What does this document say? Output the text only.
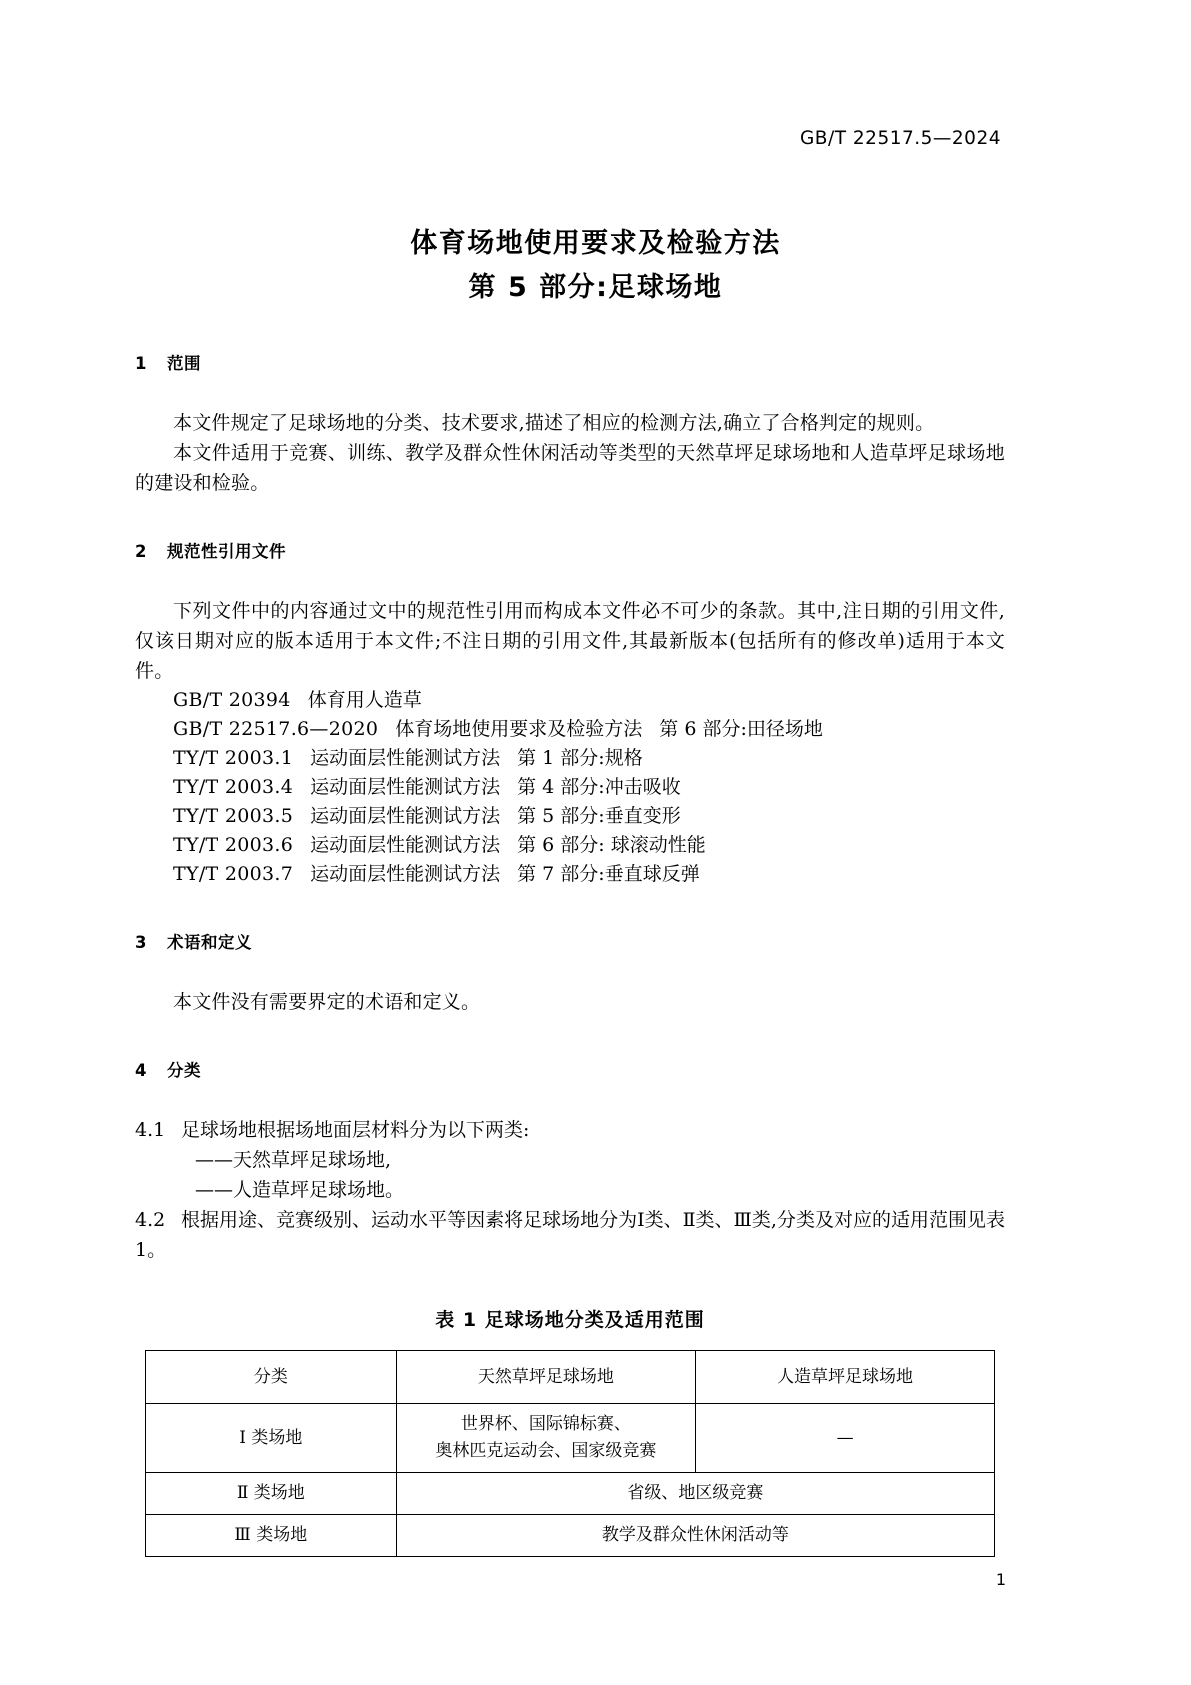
GB/T 22517.5—2024
体育场地使用要求及检验方法
第 5 部分:足球场地
1 范围

本文件规定了足球场地的分类、技术要求,描述了相应的检测方法,确立了合格判定的规则。

本文件适用于竞赛、训练、教学及群众性休闲活动等类型的天然草坪足球场地和人造草坪足球场地的建设和检验。

2 规范性引用文件

下列文件中的内容通过文中的规范性引用而构成本文件必不可少的条款。其中,注日期的引用文件,仅该日期对应的版本适用于本文件;不注日期的引用文件,其最新版本(包括所有的修改单)适用于本文件。

GB/T 20394 体育用人造草
GB/T 22517.6—2020 体育场地使用要求及检验方法 第 6 部分:田径场地
TY/T 2003.1 运动面层性能测试方法 第 1 部分:规格
TY/T 2003.4 运动面层性能测试方法 第 4 部分:冲击吸收
TY/T 2003.5 运动面层性能测试方法 第 5 部分:垂直变形
TY/T 2003.6 运动面层性能测试方法 第 6 部分: 球滚动性能
TY/T 2003.7 运动面层性能测试方法 第 7 部分:垂直球反弹
3 术语和定义

本文件没有需要界定的术语和定义。

4 分类
4.1 足球场地根据场地面层材料分为以下两类:
——天然草坪足球场地,
——人造草坪足球场地。
4.2 根据用途、竞赛级别、运动水平等因素将足球场地分为Ⅰ类、Ⅱ类、Ⅲ类,分类及对应的适用范围见表 1。
表 1 足球场地分类及适用范围
分类	天然草坪足球场地	人造草坪足球场地
Ⅰ 类场地	世界杯、国际锦标赛、
奥林匹克运动会、国家级竞赛	—
Ⅱ 类场地	省级、地区级竞赛	
Ⅲ 类场地	教学及群众性休闲活动等	
1
